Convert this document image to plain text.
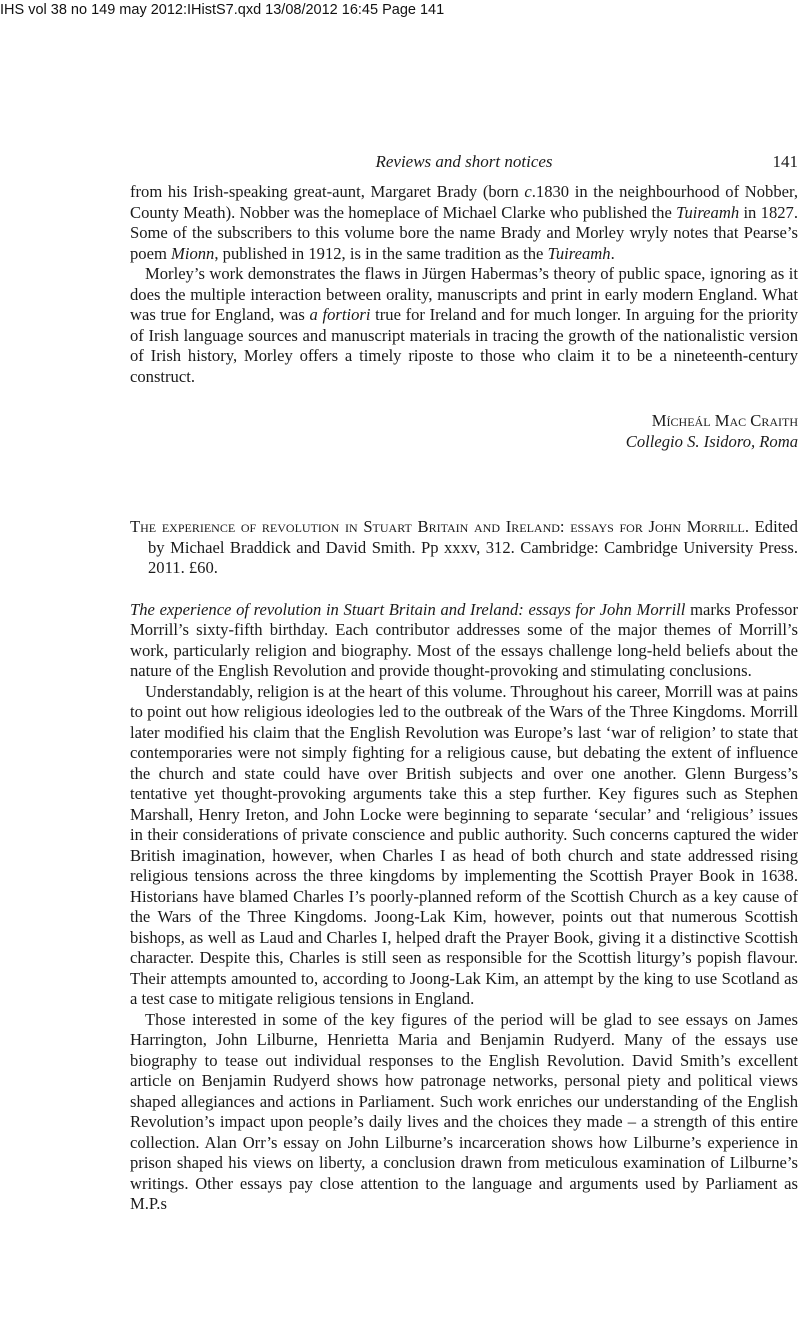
IHS vol 38 no 149 may 2012:IHistS7.qxd 13/08/2012 16:45 Page 141
Reviews and short notices	141

from his Irish-speaking great-aunt, Margaret Brady (born c.1830 in the neighbourhood of Nobber, County Meath). Nobber was the homeplace of Michael Clarke who published the Tuireamh in 1827. Some of the subscribers to this volume bore the name Brady and Morley wryly notes that Pearse’s poem Mionn, published in 1912, is in the same tradition as the Tuireamh.

Morley’s work demonstrates the flaws in Jürgen Habermas’s theory of public space, ignoring as it does the multiple interaction between orality, manuscripts and print in early modern England. What was true for England, was a fortiori true for Ireland and for much longer. In arguing for the priority of Irish language sources and manuscript materials in tracing the growth of the nationalistic version of Irish history, Morley offers a timely riposte to those who claim it to be a nineteenth-century construct.

Mícheál Mac Craith
Collegio S. Isidoro, Roma

The experience of revolution in Stuart Britain and Ireland: essays for John Morrill. Edited by Michael Braddick and David Smith. Pp xxxv, 312. Cambridge: Cambridge University Press. 2011. £60.

The experience of revolution in Stuart Britain and Ireland: essays for John Morrill marks Professor Morrill’s sixty-fifth birthday. Each contributor addresses some of the major themes of Morrill’s work, particularly religion and biography. Most of the essays challenge long-held beliefs about the nature of the English Revolution and provide thought-provoking and stimulating conclusions.

Understandably, religion is at the heart of this volume. Throughout his career, Morrill was at pains to point out how religious ideologies led to the outbreak of the Wars of the Three Kingdoms. Morrill later modified his claim that the English Revolution was Europe’s last ‘war of religion’ to state that contemporaries were not simply fighting for a religious cause, but debating the extent of influence the church and state could have over British subjects and over one another. Glenn Burgess’s tentative yet thought-provoking arguments take this a step further. Key figures such as Stephen Marshall, Henry Ireton, and John Locke were beginning to separate ‘secular’ and ‘religious’ issues in their considerations of private conscience and public authority. Such concerns captured the wider British imagination, however, when Charles I as head of both church and state addressed rising religious tensions across the three kingdoms by implementing the Scottish Prayer Book in 1638. Historians have blamed Charles I’s poorly-planned reform of the Scottish Church as a key cause of the Wars of the Three Kingdoms. Joong-Lak Kim, however, points out that numerous Scottish bishops, as well as Laud and Charles I, helped draft the Prayer Book, giving it a distinctive Scottish character. Despite this, Charles is still seen as responsible for the Scottish liturgy’s popish flavour. Their attempts amounted to, according to Joong-Lak Kim, an attempt by the king to use Scotland as a test case to mitigate religious tensions in England.

Those interested in some of the key figures of the period will be glad to see essays on James Harrington, John Lilburne, Henrietta Maria and Benjamin Rudyerd. Many of the essays use biography to tease out individual responses to the English Revolution. David Smith’s excellent article on Benjamin Rudyerd shows how patronage networks, personal piety and political views shaped allegiances and actions in Parliament. Such work enriches our understanding of the English Revolution’s impact upon people’s daily lives and the choices they made – a strength of this entire collection. Alan Orr’s essay on John Lilburne’s incarceration shows how Lilburne’s experience in prison shaped his views on liberty, a conclusion drawn from meticulous examination of Lilburne’s writings. Other essays pay close attention to the language and arguments used by Parliament as M.P.s
